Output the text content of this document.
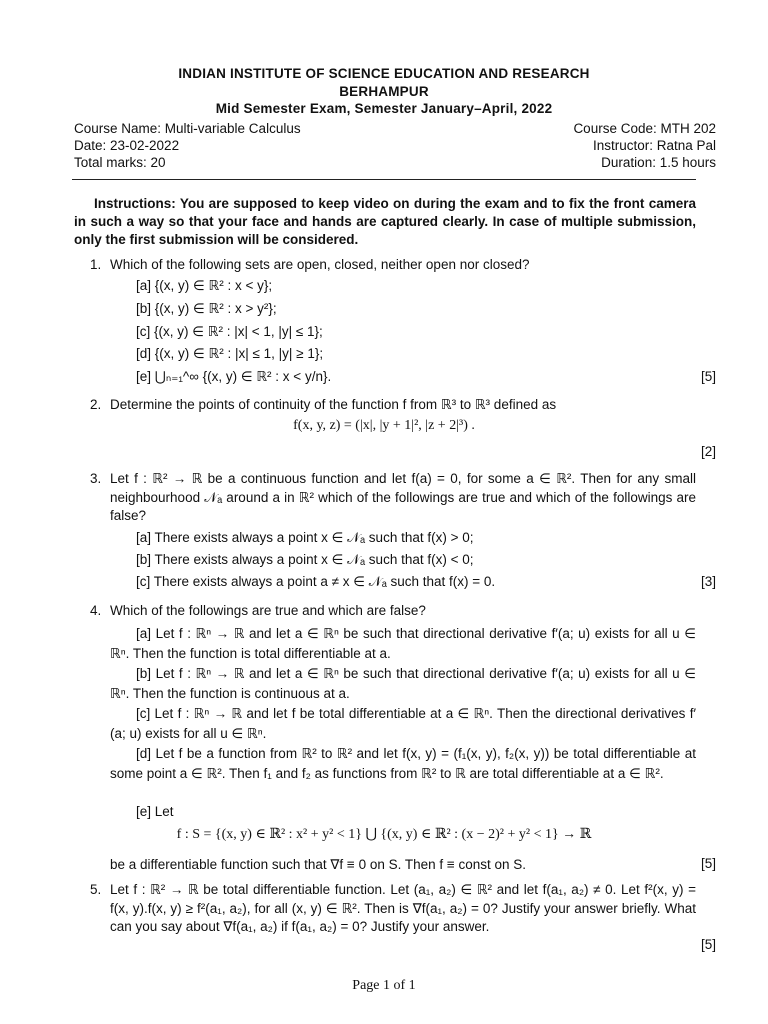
INDIAN INSTITUTE OF SCIENCE EDUCATION AND RESEARCH
BERHAMPUR
Mid Semester Exam, Semester January–April, 2022
Course Name: Multi-variable Calculus	Course Code: MTH 202
Date: 23-02-2022	Instructor: Ratna Pal
Total marks: 20	Duration: 1.5 hours
Instructions: You are supposed to keep video on during the exam and to fix the front camera in such a way so that your face and hands are captured clearly. In case of multiple submission, only the first submission will be considered.
1. Which of the following sets are open, closed, neither open nor closed?
[a] {(x, y) ∈ ℝ² : x < y};
[b] {(x, y) ∈ ℝ² : x > y²};
[c] {(x, y) ∈ ℝ² : |x| < 1, |y| ≤ 1};
[d] {(x, y) ∈ ℝ² : |x| ≤ 1, |y| ≥ 1};
[e] ⋃ₙ₌₁^∞ {(x, y) ∈ ℝ² : x < y/n}.	[5]
2. Determine the points of continuity of the function f from ℝ³ to ℝ³ defined as
f(x, y, z) = (|x|, |y + 1|², |z + 2|³) .
[2]
3. Let f : ℝ² → ℝ be a continuous function and let f(a) = 0, for some a ∈ ℝ². Then for any small neighbourhood 𝒩ₐ around a in ℝ² which of the followings are true and which of the followings are false?
[a] There exists always a point x ∈ 𝒩ₐ such that f(x) > 0;
[b] There exists always a point x ∈ 𝒩ₐ such that f(x) < 0;
[c] There exists always a point a ≠ x ∈ 𝒩ₐ such that f(x) = 0.	[3]
4. Which of the followings are true and which are false?
[a] Let f : ℝⁿ → ℝ and let a ∈ ℝⁿ be such that directional derivative f′(a; u) exists for all u ∈ ℝⁿ. Then the function is total differentiable at a.
[b] Let f : ℝⁿ → ℝ and let a ∈ ℝⁿ be such that directional derivative f′(a; u) exists for all u ∈ ℝⁿ. Then the function is continuous at a.
[c] Let f : ℝⁿ → ℝ and let f be total differentiable at a ∈ ℝⁿ. Then the directional derivatives f′(a; u) exists for all u ∈ ℝⁿ.
[d] Let f be a function from ℝ² to ℝ² and let f(x, y) = (f₁(x, y), f₂(x, y)) be total differentiable at some point a ∈ ℝ². Then f₁ and f₂ as functions from ℝ² to ℝ are total differentiable at a ∈ ℝ².
[e] Let
f : S = {(x, y) ∈ ℝ² : x² + y² < 1} ⋃ {(x, y) ∈ ℝ² : (x − 2)² + y² < 1} → ℝ
be a differentiable function such that ∇f ≡ 0 on S. Then f ≡ const on S.	[5]
5. Let f : ℝ² → ℝ be total differentiable function. Let (a₁, a₂) ∈ ℝ² and let f(a₁, a₂) ≠ 0. Let f²(x, y) = f(x, y).f(x, y) ≥ f²(a₁, a₂), for all (x, y) ∈ ℝ². Then is ∇f(a₁, a₂) = 0? Justify your answer briefly. What can you say about ∇f(a₁, a₂) if f(a₁, a₂) = 0? Justify your answer.
[5]
Page 1 of 1
